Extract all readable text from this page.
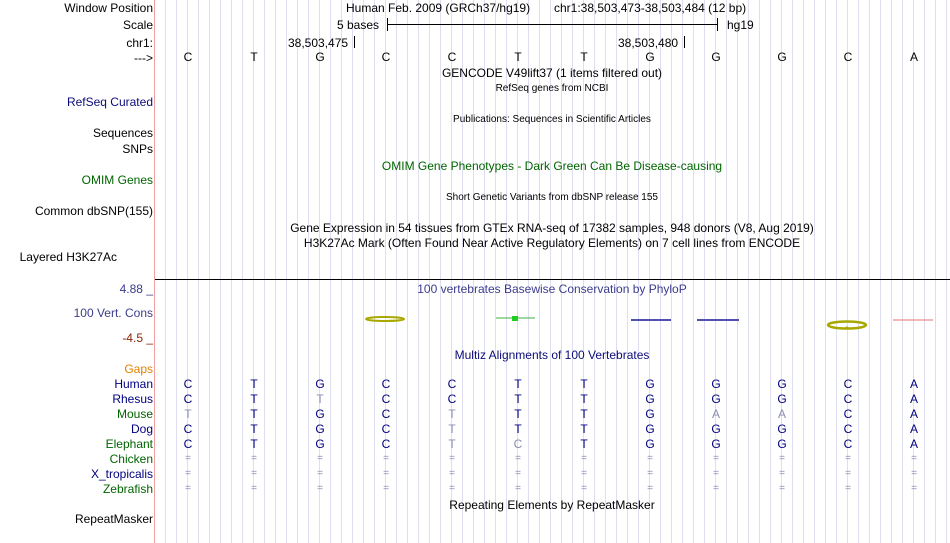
Window Position
Scale
chr1:
--->
Human Feb. 2009 (GRCh37/hg19) chr1:38,503,473-38,503,484 (12 bp)
5 bases	hg19
38,503,475	38,503,480
C	T	G	C	C	T	T	G	G	G	C	A
GENCODE V49lift37 (1 items filtered out)
RefSeq genes from NCBI
RefSeq Curated
Publications: Sequences in Scientific Articles
Sequences
SNPs
OMIM Gene Phenotypes - Dark Green Can Be Disease-causing
OMIM Genes
Short Genetic Variants from dbSNP release 155
Common dbSNP(155)
Gene Expression in 54 tissues from GTEx RNA-seq of 17382 samples, 948 donors (V8, Aug 2019)
H3K27Ac Mark (Often Found Near Active Regulatory Elements) on 7 cell lines from ENCODE
Layered H3K27Ac
4.88 _	100 vertebrates Basewise Conservation by PhyloP
100 Vert. Cons
-4.5 _
Multiz Alignments of 100 Vertebrates
Gaps
Human	C	T	G	C	C	T	T	G	G	G	C	A
Rhesus	C	T	T	C	C	T	T	G	G	G	C	A
Mouse	T	T	G	C	T	T	T	G	A	A	C	A
Dog	C	T	G	C	T	T	T	G	G	G	C	A
Elephant	C	T	G	C	T	C	T	G	G	G	C	A
Chicken	=	=	=	=	=	=	=	=	=	=	=	=
X_tropicalis	=	=	=	=	=	=	=	=	=	=	=	=
Zebrafish	=	=	=	=	=	=	=	=	=	=	=	=
Repeating Elements by RepeatMasker
RepeatMasker
